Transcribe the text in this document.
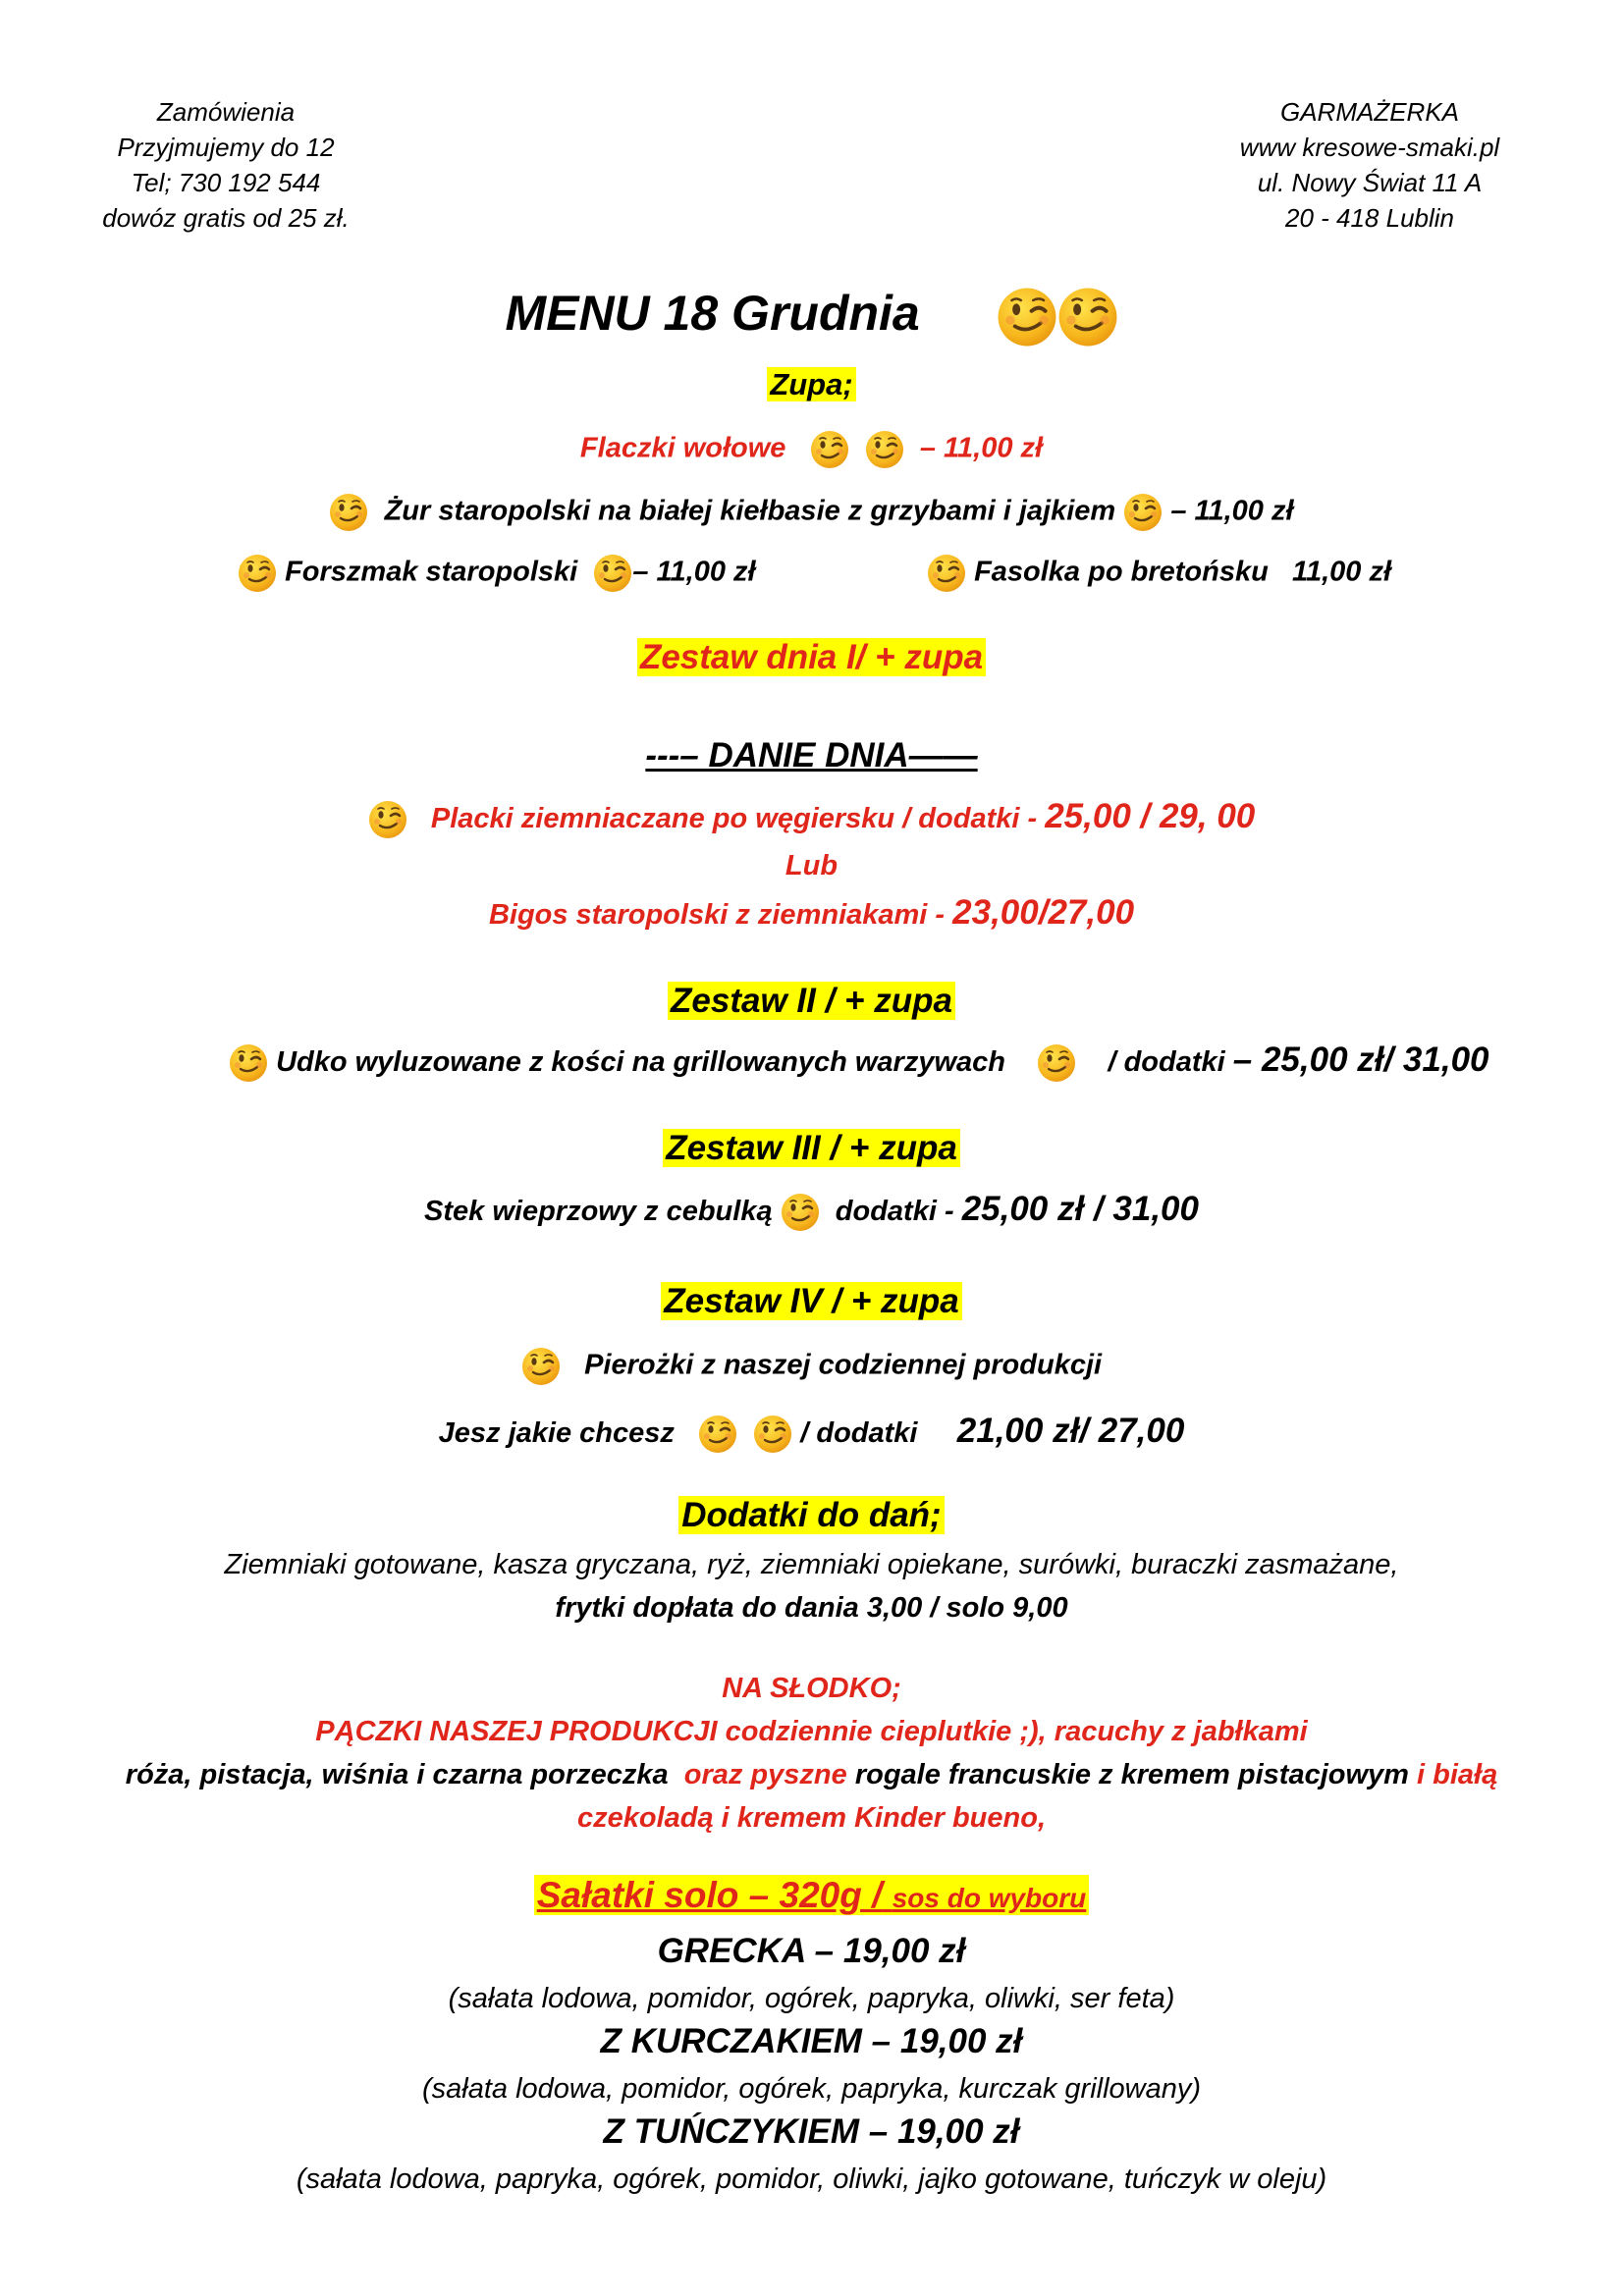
Zamówienia
Przyjmujemy do 12
Tel; 730 192 544
dowóz gratis od 25 zł.
GARMAŻERKA
www kresowe-smaki.pl
ul. Nowy Świat 11 A
20 - 418 Lublin
MENU 18 Grudnia
Zupa;
Flaczki wołowe	– 11,00 zł
Żur staropolski na białej kiełbasie z grzybami i jajkiem – 11,00 zł
Forszmak staropolski – 11,00 zł	Fasolka po bretońsku 11,00 zł
Zestaw dnia I/ + zupa
---– DANIE DNIA——
Placki ziemniaczane po węgiersku / dodatki - 25,00 / 29, 00
Lub
Bigos staropolski z ziemniakami - 23,00/27,00
Zestaw II / + zupa
Udko wyluzowane z kości na grillowanych warzywach	/ dodatki – 25,00 zł/ 31,00
Zestaw III / + zupa
Stek wieprzowy z cebulką dodatki - 25,00 zł / 31,00
Zestaw IV / + zupa
Pierożki z naszej codziennej produkcji
Jesz jakie chcesz	/ dodatki 21,00 zł/ 27,00
Dodatki do dań;
Ziemniaki gotowane, kasza gryczana, ryż, ziemniaki opiekane, surówki, buraczki zasmażane,
frytki dopłata do dania 3,00 / solo 9,00
NA SŁODKO;
PĄCZKI NASZEJ PRODUKCJI codziennie cieplutkie ;), racuchy z jabłkami
róża, pistacja, wiśnia i czarna porzeczka oraz pyszne rogale francuskie z kremem pistacjowym i białą
czekoladą i kremem Kinder bueno,
Sałatki solo – 320g / sos do wyboru
GRECKA – 19,00 zł
(sałata lodowa, pomidor, ogórek, papryka, oliwki, ser feta)
Z KURCZAKIEM – 19,00 zł
(sałata lodowa, pomidor, ogórek, papryka, kurczak grillowany)
Z TUŃCZYKIEM – 19,00 zł
(sałata lodowa, papryka, ogórek, pomidor, oliwki, jajko gotowane, tuńczyk w oleju)
